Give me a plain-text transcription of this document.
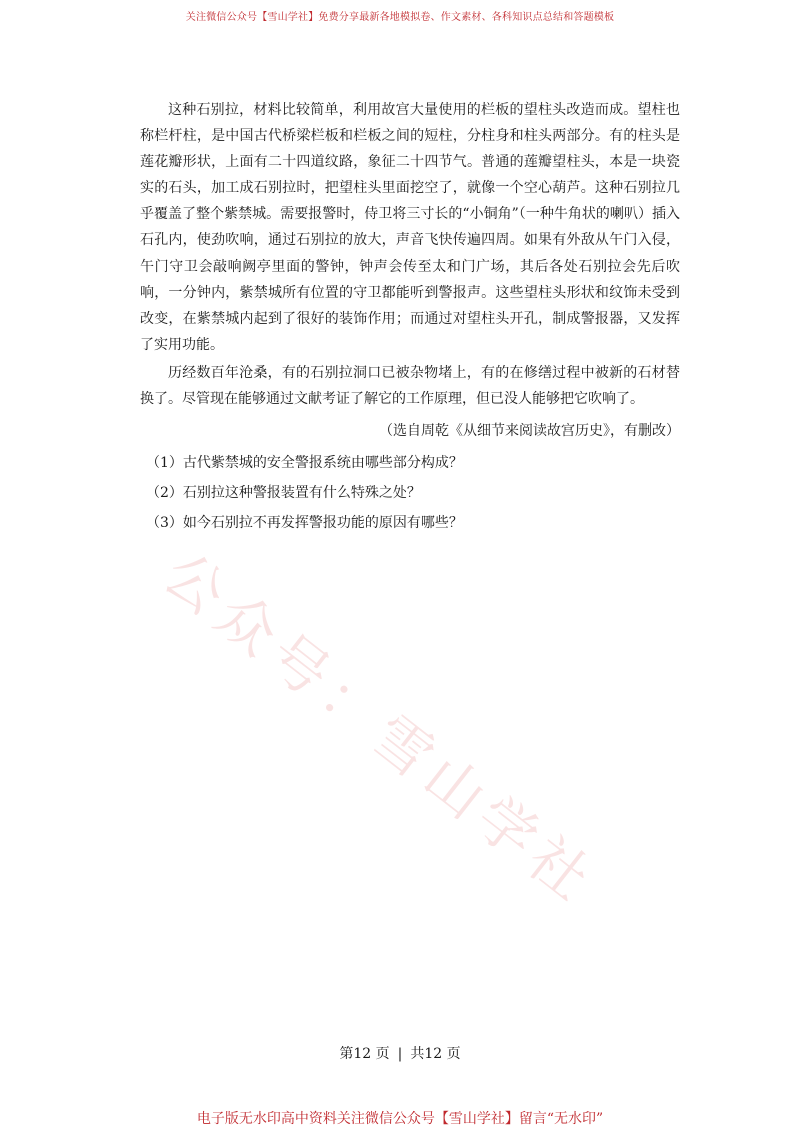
关注微信公众号【雪山学社】免费分享最新各地模拟卷、作文素材、各科知识点总结和答题模板
公众号：雪山学社

这种石别拉，材料比较简单，利用故宫大量使用的栏板的望柱头改造而成。望柱也称栏杆柱，是中国古代桥梁栏板和栏板之间的短柱，分柱身和柱头两部分。有的柱头是莲花瓣形状，上面有二十四道纹路，象征二十四节气。普通的莲瓣望柱头，本是一块瓷实的石头，加工成石别拉时，把望柱头里面挖空了，就像一个空心葫芦。这种石别拉几乎覆盖了整个紫禁城。需要报警时，侍卫将三寸长的“小铜角”（一种牛角状的喇叭）插入石孔内，使劲吹响，通过石别拉的放大，声音飞快传遍四周。如果有外敌从午门入侵，午门守卫会敲响阙亭里面的警钟，钟声会传至太和门广场，其后各处石别拉会先后吹响，一分钟内，紫禁城所有位置的守卫都能听到警报声。这些望柱头形状和纹饰未受到改变，在紫禁城内起到了很好的装饰作用；而通过对望柱头开孔，制成警报器，又发挥了实用功能。

历经数百年沧桑，有的石别拉洞口已被杂物堵上，有的在修缮过程中被新的石材替换了。尽管现在能够通过文献考证了解它的工作原理，但已没人能够把它吹响了。

（选自周乾《从细节来阅读故宫历史》，有删改）

（1）古代紫禁城的安全警报系统由哪些部分构成？

（2）石别拉这种警报装置有什么特殊之处？

（3）如今石别拉不再发挥警报功能的原因有哪些？

第12 页 | 共12 页
电子版无水印高中资料关注微信公众号【雪山学社】留言“无水印”
